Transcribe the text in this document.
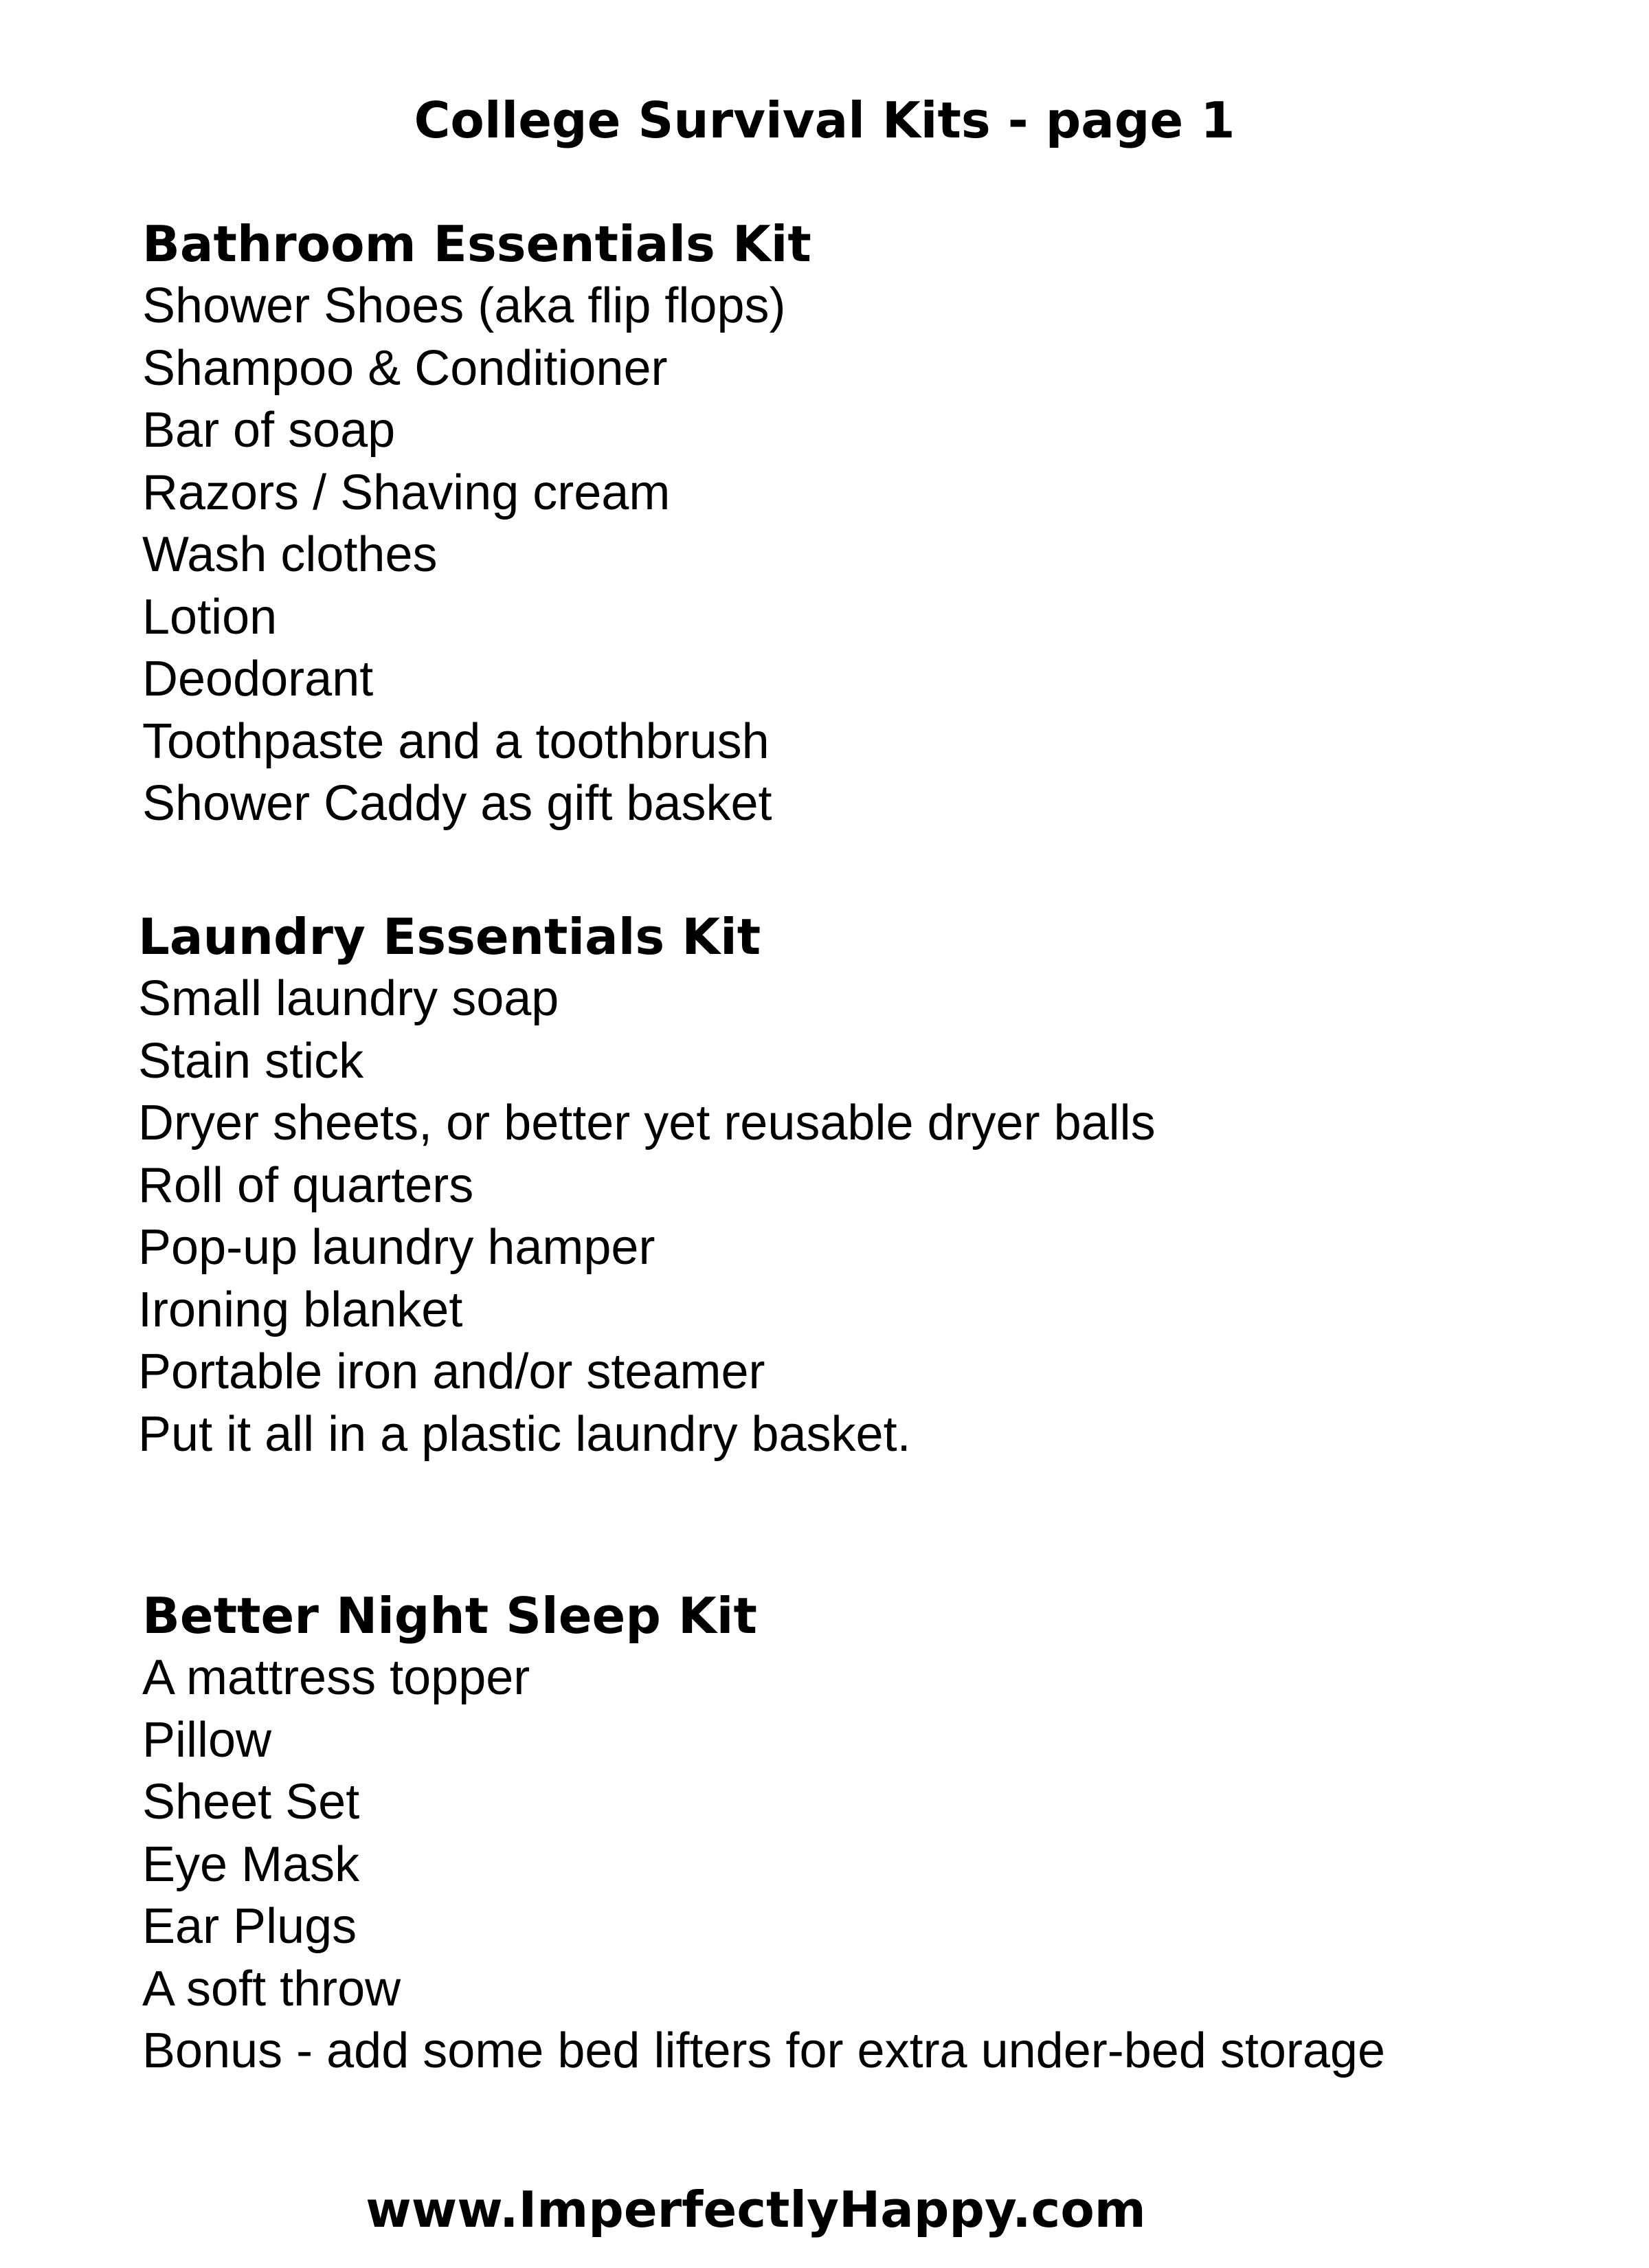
College Survival Kits - page 1
Bathroom Essentials Kit
Shower Shoes (aka flip flops)
Shampoo & Conditioner
Bar of soap
Razors / Shaving cream
Wash clothes
Lotion
Deodorant
Toothpaste and a toothbrush
Shower Caddy as gift basket
Laundry Essentials Kit
Small laundry soap
Stain stick
Dryer sheets, or better yet reusable dryer balls
Roll of quarters
Pop-up laundry hamper
Ironing blanket
Portable iron and/or steamer
Put it all in a plastic laundry basket.
Better Night Sleep Kit
A mattress topper
Pillow
Sheet Set
Eye Mask
Ear Plugs
A soft throw
Bonus - add some bed lifters for extra under-bed storage

www.ImperfectlyHappy.com
